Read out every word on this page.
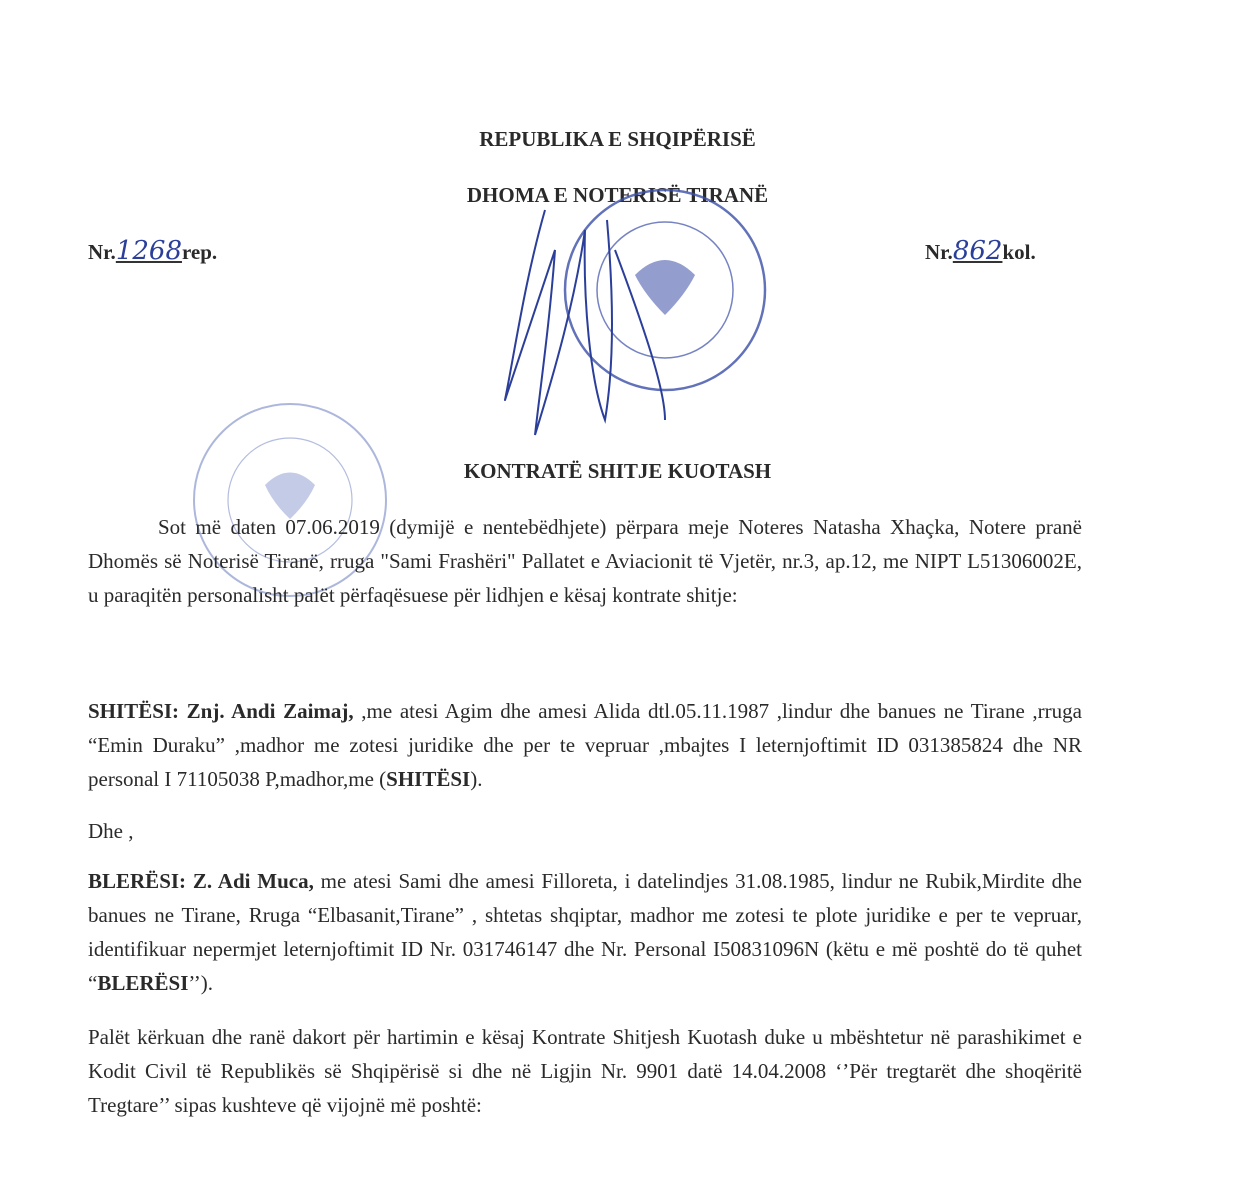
REPUBLIKA E SHQIPËRISË
DHOMA E NOTERISË TIRANË
Nr.1268rep.	Nr.862kol.
KONTRATË SHITJE KUOTASH

Sot më daten 07.06.2019 (dymijë e nentebëdhjete) përpara meje Noteres Natasha Xhaçka, Notere pranë Dhomës së Noterisë Tiranë, rruga "Sami Frashëri" Pallatet e Aviacionit të Vjetër, nr.3, ap.12, me NIPT L51306002E, u paraqitën personalisht palët përfaqësuese për lidhjen e kësaj kontrate shitje:

SHITËSI: Znj. Andi Zaimaj, ,me atesi Agim dhe amesi Alida dtl.05.11.1987 ,lindur dhe banues ne Tirane ,rruga “Emin Duraku” ,madhor me zotesi juridike dhe per te vepruar ,mbajtes I leternjoftimit ID 031385824 dhe NR personal I 71105038 P,madhor,me (SHITËSI).

Dhe ,

BLERËSI: Z. Adi Muca, me atesi Sami dhe amesi Filloreta, i datelindjes 31.08.1985, lindur ne Rubik,Mirdite dhe banues ne Tirane, Rruga “Elbasanit,Tirane” , shtetas shqiptar, madhor me zotesi te plote juridike e per te vepruar, identifikuar nepermjet leternjoftimit ID Nr. 031746147 dhe Nr. Personal I50831096N (këtu e më poshtë do të quhet “BLERËSI’’).

Palët kërkuan dhe ranë dakort për hartimin e kësaj Kontrate Shitjesh Kuotash duke u mbështetur në parashikimet e Kodit Civil të Republikës së Shqipërisë si dhe në Ligjin Nr. 9901 datë 14.04.2008 ‘’Për tregtarët dhe shoqëritë Tregtare’’ sipas kushteve që vijojnë më poshtë:
